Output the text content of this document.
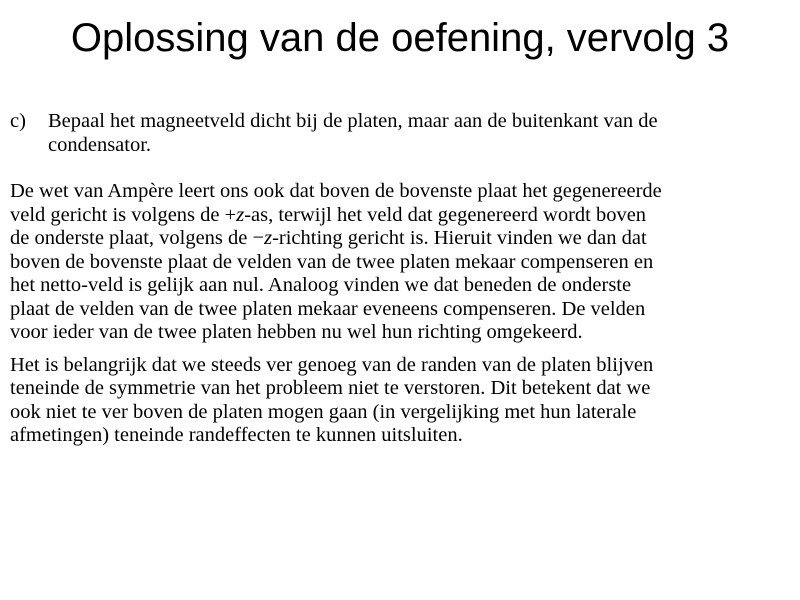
Oplossing van de oefening, vervolg 3
c)	Bepaal het magneetveld dicht bij de platen, maar aan de buitenkant van de
condensator.
De wet van Ampère leert ons ook dat boven de bovenste plaat het gegenereerde
veld gericht is volgens de +z-as, terwijl het veld dat gegenereerd wordt boven
de onderste plaat, volgens de −z-richting gericht is. Hieruit vinden we dan dat
boven de bovenste plaat de velden van de twee platen mekaar compenseren en
het netto-veld is gelijk aan nul. Analoog vinden we dat beneden de onderste
plaat de velden van de twee platen mekaar eveneens compenseren. De velden
voor ieder van de twee platen hebben nu wel hun richting omgekeerd.
Het is belangrijk dat we steeds ver genoeg van de randen van de platen blijven
teneinde de symmetrie van het probleem niet te verstoren. Dit betekent dat we
ook niet te ver boven de platen mogen gaan (in vergelijking met hun laterale
afmetingen) teneinde randeffecten te kunnen uitsluiten.
